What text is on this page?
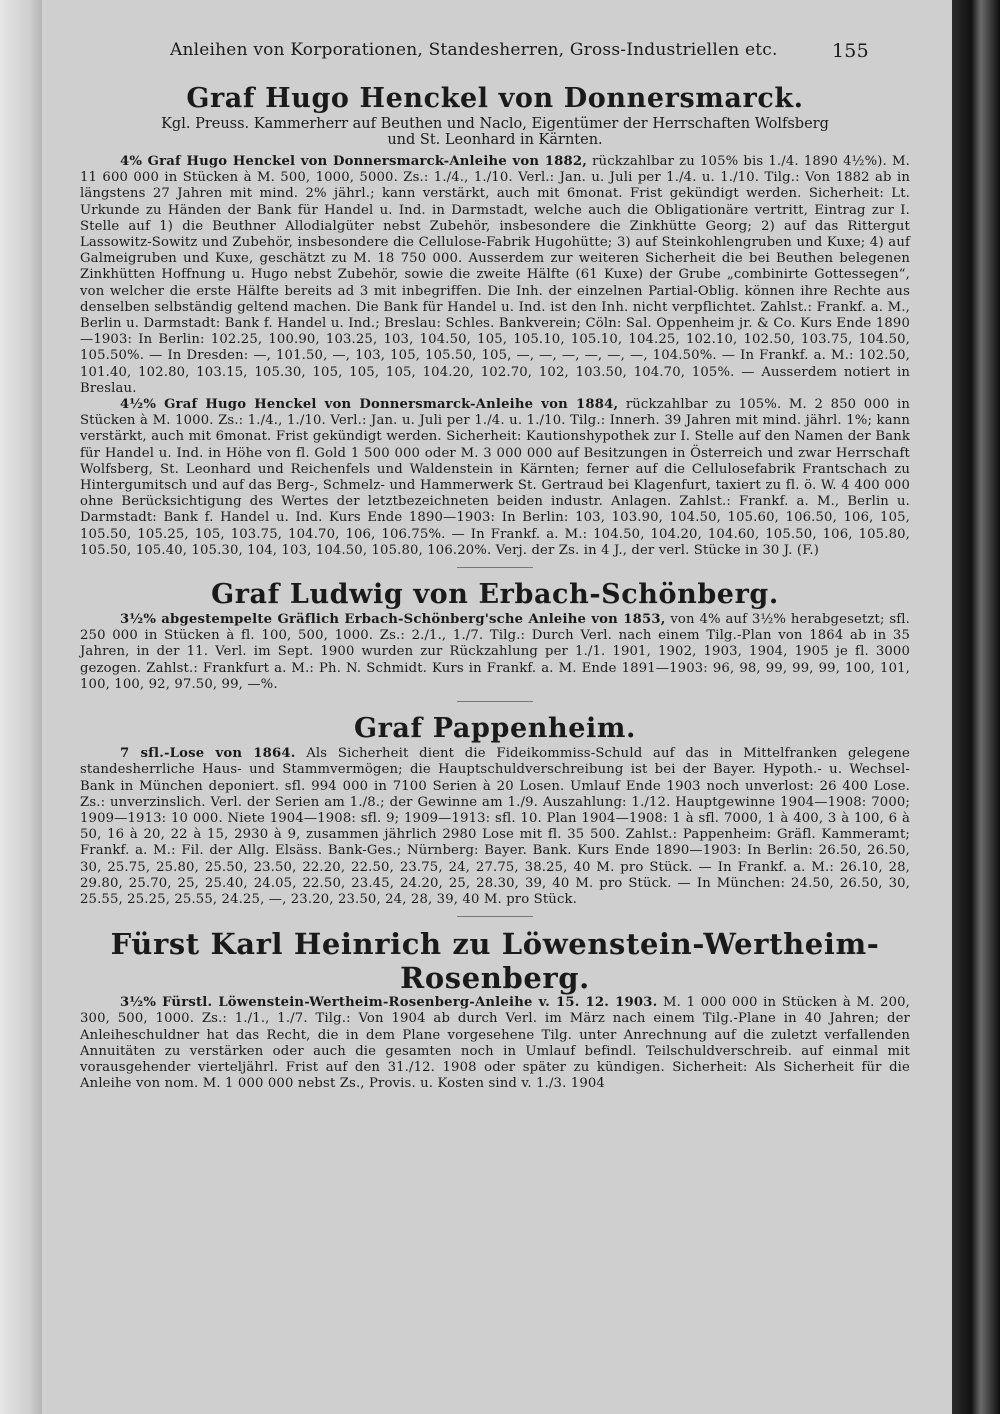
Anleihen von Korporationen, Standesherren, Gross-Industriellen etc.	155
Graf Hugo Henckel von Donnersmarck.
Kgl. Preuss. Kammerherr auf Beuthen und Naclo, Eigentümer der Herrschaften Wolfsberg
und St. Leonhard in Kärnten.

4% Graf Hugo Henckel von Donnersmarck-Anleihe von 1882, rückzahlbar zu 105% bis 1./4. 1890 4½%). M. 11 600 000 in Stücken à M. 500, 1000, 5000. Zs.: 1./4., 1./10. Verl.: Jan. u. Juli per 1./4. u. 1./10. Tilg.: Von 1882 ab in längstens 27 Jahren mit mind. 2% jährl.; kann verstärkt, auch mit 6monat. Frist gekündigt werden. Sicherheit: Lt. Urkunde zu Händen der Bank für Handel u. Ind. in Darmstadt, welche auch die Obligationäre vertritt, Eintrag zur I. Stelle auf 1) die Beuthner Allodialgüter nebst Zubehör, insbesondere die Zinkhütte Georg; 2) auf das Rittergut Lassowitz-Sowitz und Zubehör, insbesondere die Cellulose-Fabrik Hugohütte; 3) auf Steinkohlengruben und Kuxe; 4) auf Galmeigruben und Kuxe, geschätzt zu M. 18 750 000. Ausserdem zur weiteren Sicherheit die bei Beuthen belegenen Zinkhütten Hoffnung u. Hugo nebst Zubehör, sowie die zweite Hälfte (61 Kuxe) der Grube „combinirte Gottessegen“, von welcher die erste Hälfte bereits ad 3 mit inbegriffen. Die Inh. der einzelnen Partial-Oblig. können ihre Rechte aus denselben selbständig geltend machen. Die Bank für Handel u. Ind. ist den Inh. nicht verpflichtet. Zahlst.: Frankf. a. M., Berlin u. Darmstadt: Bank f. Handel u. Ind.; Breslau: Schles. Bankverein; Cöln: Sal. Oppenheim jr. & Co. Kurs Ende 1890—1903: In Berlin: 102.25, 100.90, 103.25, 103, 104.50, 105, 105.10, 105.10, 104.25, 102.10, 102.50, 103.75, 104.50, 105.50%. — In Dresden: —, 101.50, —, 103, 105, 105.50, 105, —, —, —, —, —, —, 104.50%. — In Frankf. a. M.: 102.50, 101.40, 102.80, 103.15, 105.30, 105, 105, 105, 104.20, 102.70, 102, 103.50, 104.70, 105%. — Ausserdem notiert in Breslau.

4½% Graf Hugo Henckel von Donnersmarck-Anleihe von 1884, rückzahlbar zu 105%. M. 2 850 000 in Stücken à M. 1000. Zs.: 1./4., 1./10. Verl.: Jan. u. Juli per 1./4. u. 1./10. Tilg.: Innerh. 39 Jahren mit mind. jährl. 1%; kann verstärkt, auch mit 6monat. Frist gekündigt werden. Sicherheit: Kautionshypothek zur I. Stelle auf den Namen der Bank für Handel u. Ind. in Höhe von fl. Gold 1 500 000 oder M. 3 000 000 auf Besitzungen in Österreich und zwar Herrschaft Wolfsberg, St. Leonhard und Reichenfels und Waldenstein in Kärnten; ferner auf die Cellulosefabrik Frantschach zu Hintergumitsch und auf das Berg-, Schmelz- und Hammerwerk St. Gertraud bei Klagenfurt, taxiert zu fl. ö. W. 4 400 000 ohne Berücksichtigung des Wertes der letztbezeichneten beiden industr. Anlagen. Zahlst.: Frankf. a. M., Berlin u. Darmstadt: Bank f. Handel u. Ind. Kurs Ende 1890—1903: In Berlin: 103, 103.90, 104.50, 105.60, 106.50, 106, 105, 105.50, 105.25, 105, 103.75, 104.70, 106, 106.75%. — In Frankf. a. M.: 104.50, 104.20, 104.60, 105.50, 106, 105.80, 105.50, 105.40, 105.30, 104, 103, 104.50, 105.80, 106.20%. Verj. der Zs. in 4 J., der verl. Stücke in 30 J. (F.)

Graf Ludwig von Erbach-Schönberg.

3½% abgestempelte Gräflich Erbach-Schönberg'sche Anleihe von 1853, von 4% auf 3½% herabgesetzt; sfl. 250 000 in Stücken à fl. 100, 500, 1000. Zs.: 2./1., 1./7. Tilg.: Durch Verl. nach einem Tilg.-Plan von 1864 ab in 35 Jahren, in der 11. Verl. im Sept. 1900 wurden zur Rückzahlung per 1./1. 1901, 1902, 1903, 1904, 1905 je fl. 3000 gezogen. Zahlst.: Frankfurt a. M.: Ph. N. Schmidt. Kurs in Frankf. a. M. Ende 1891—1903: 96, 98, 99, 99, 99, 100, 101, 100, 100, 92, 97.50, 99, —%.

Graf Pappenheim.

7 sfl.-Lose von 1864. Als Sicherheit dient die Fideikommiss-Schuld auf das in Mittelfranken gelegene standesherrliche Haus- und Stammvermögen; die Hauptschuldverschreibung ist bei der Bayer. Hypoth.- u. Wechsel-Bank in München deponiert. sfl. 994 000 in 7100 Serien à 20 Losen. Umlauf Ende 1903 noch unverlost: 26 400 Lose. Zs.: unverzinslich. Verl. der Serien am 1./8.; der Gewinne am 1./9. Auszahlung: 1./12. Hauptgewinne 1904—1908: 7000; 1909—1913: 10 000. Niete 1904—1908: sfl. 9; 1909—1913: sfl. 10. Plan 1904—1908: 1 à sfl. 7000, 1 à 400, 3 à 100, 6 à 50, 16 à 20, 22 à 15, 2930 à 9, zusammen jährlich 2980 Lose mit fl. 35 500. Zahlst.: Pappenheim: Gräfl. Kammeramt; Frankf. a. M.: Fil. der Allg. Elsäss. Bank-Ges.; Nürnberg: Bayer. Bank. Kurs Ende 1890—1903: In Berlin: 26.50, 26.50, 30, 25.75, 25.80, 25.50, 23.50, 22.20, 22.50, 23.75, 24, 27.75, 38.25, 40 M. pro Stück. — In Frankf. a. M.: 26.10, 28, 29.80, 25.70, 25, 25.40, 24.05, 22.50, 23.45, 24.20, 25, 28.30, 39, 40 M. pro Stück. — In München: 24.50, 26.50, 30, 25.55, 25.25, 25.55, 24.25, —, 23.20, 23.50, 24, 28, 39, 40 M. pro Stück.

Fürst Karl Heinrich zu Löwenstein-Wertheim-Rosenberg.

3½% Fürstl. Löwenstein-Wertheim-Rosenberg-Anleihe v. 15. 12. 1903. M. 1 000 000 in Stücken à M. 200, 300, 500, 1000. Zs.: 1./1., 1./7. Tilg.: Von 1904 ab durch Verl. im März nach einem Tilg.-Plane in 40 Jahren; der Anleiheschuldner hat das Recht, die in dem Plane vorgesehene Tilg. unter Anrechnung auf die zuletzt verfallenden Annuitäten zu verstärken oder auch die gesamten noch in Umlauf befindl. Teilschuldverschreib. auf einmal mit vorausgehender vierteljährl. Frist auf den 31./12. 1908 oder später zu kündigen. Sicherheit: Als Sicherheit für die Anleihe von nom. M. 1 000 000 nebst Zs., Provis. u. Kosten sind v. 1./3. 1904
